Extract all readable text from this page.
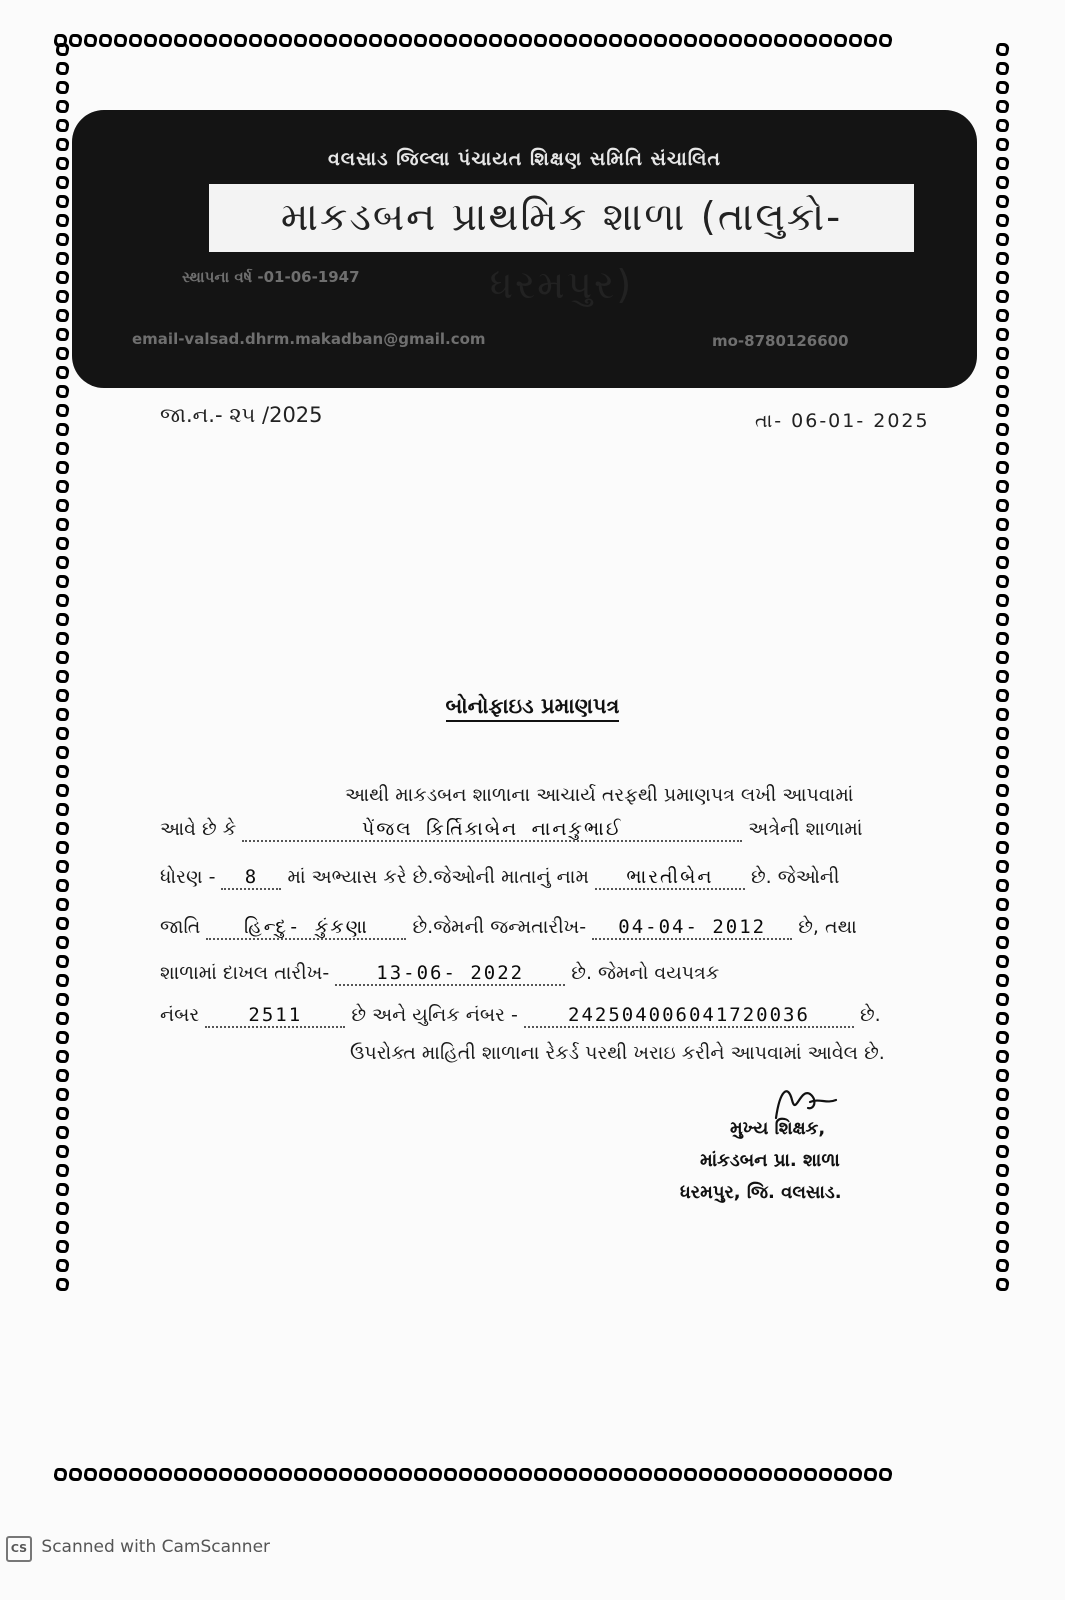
વલસાડ જિલ્લા પંચાયત શિક્ષણ સમિતિ સંચાલિત
માકડબન પ્રાથમિક શાળા (તાલુકો-ધરમપુર)
સ્થાપના વર્ષ -01-06-1947
email-valsad.dhrm.makadban@gmail.com	mo-8780126600
જા.ન.- ૨૫ /2025	તા- 06-01- 2025
બોનોફાઇડ પ્રમાણપત્ર
આથી માકડબન શાળાના આચાર્ય તરફથી પ્રમાણપત્ર લખી આપવામાં
આવે છે કે	પેંજલ કિર્તિકાબેન નાનકુભાઈ	અત્રેની શાળામાં
ધોરણ - 8 માં અભ્યાસ કરે છે.જેઓની માતાનું નામ ભારતીબેન છે. જેઓની
જાતિ હિન્દુ- કુંકણા છે.જેમની જન્મતારીખ- 04-04- 2012 છે, તથા
શાળામાં દાખલ તારીખ- 13-06- 2022 છે. જેમનો વયપત્રક
નંબર	2511	છે અને યુનિક નંબર -	242504006041720036	છે.
ઉપરોક્ત માહિતી શાળાના રેકર્ડ પરથી ખરાઇ કરીને આપવામાં આવેલ છે.
મુખ્ય શિક્ષક,
માંકડબન પ્રા. શાળા
ધરમપુર, જિ. વલસાડ.
CS Scanned with CamScanner
